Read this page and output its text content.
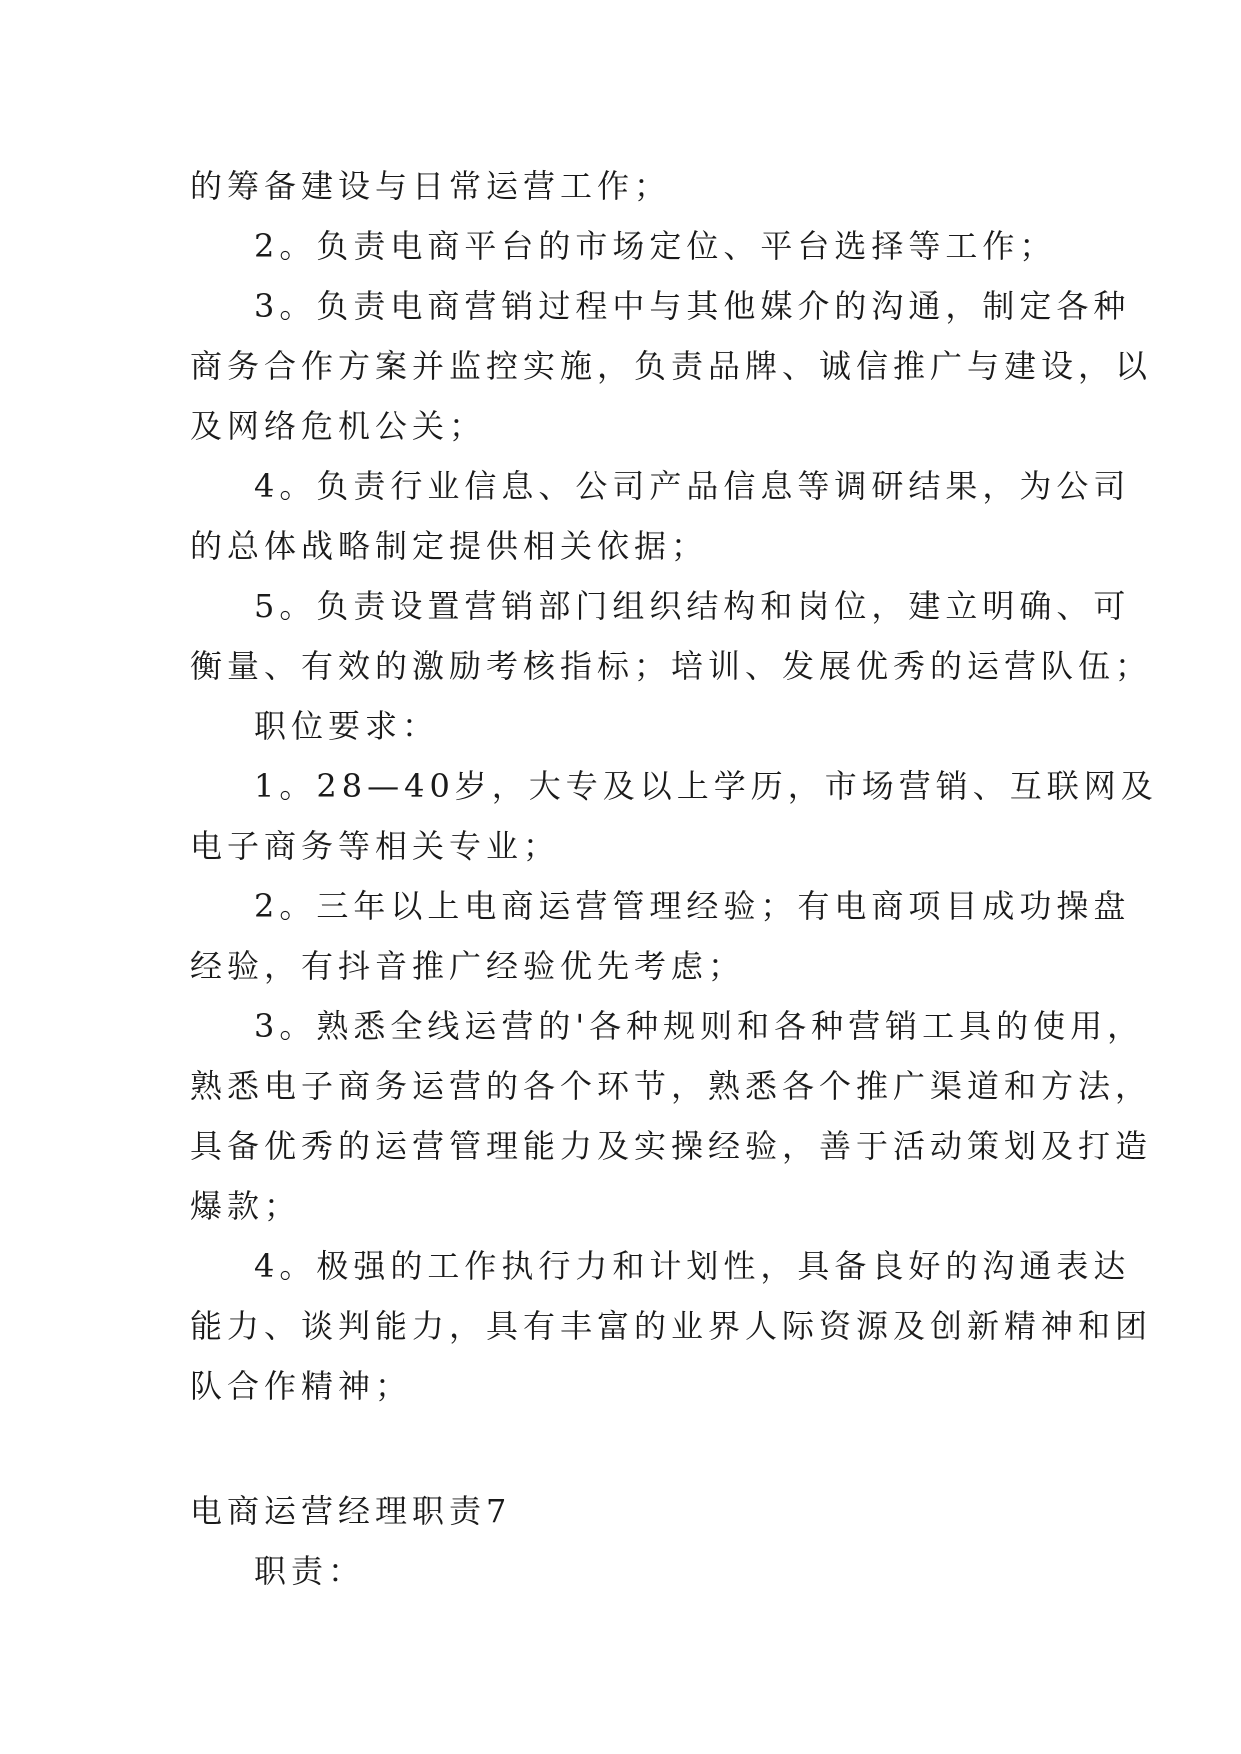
的筹备建设与日常运营工作；
2。负责电商平台的市场定位、平台选择等工作；
3。负责电商营销过程中与其他媒介的沟通，制定各种
商务合作方案并监控实施，负责品牌、诚信推广与建设，以
及网络危机公关；
4。负责行业信息、公司产品信息等调研结果，为公司
的总体战略制定提供相关依据；
5。负责设置营销部门组织结构和岗位，建立明确、可
衡量、有效的激励考核指标；培训、发展优秀的运营队伍；
职位要求：
1。28—40岁，大专及以上学历，市场营销、互联网及
电子商务等相关专业；
2。三年以上电商运营管理经验；有电商项目成功操盘
经验，有抖音推广经验优先考虑；
3。熟悉全线运营的'各种规则和各种营销工具的使用，
熟悉电子商务运营的各个环节，熟悉各个推广渠道和方法，
具备优秀的运营管理能力及实操经验，善于活动策划及打造
爆款；
4。极强的工作执行力和计划性，具备良好的沟通表达
能力、谈判能力，具有丰富的业界人际资源及创新精神和团
队合作精神；
电商运营经理职责7
职责：
